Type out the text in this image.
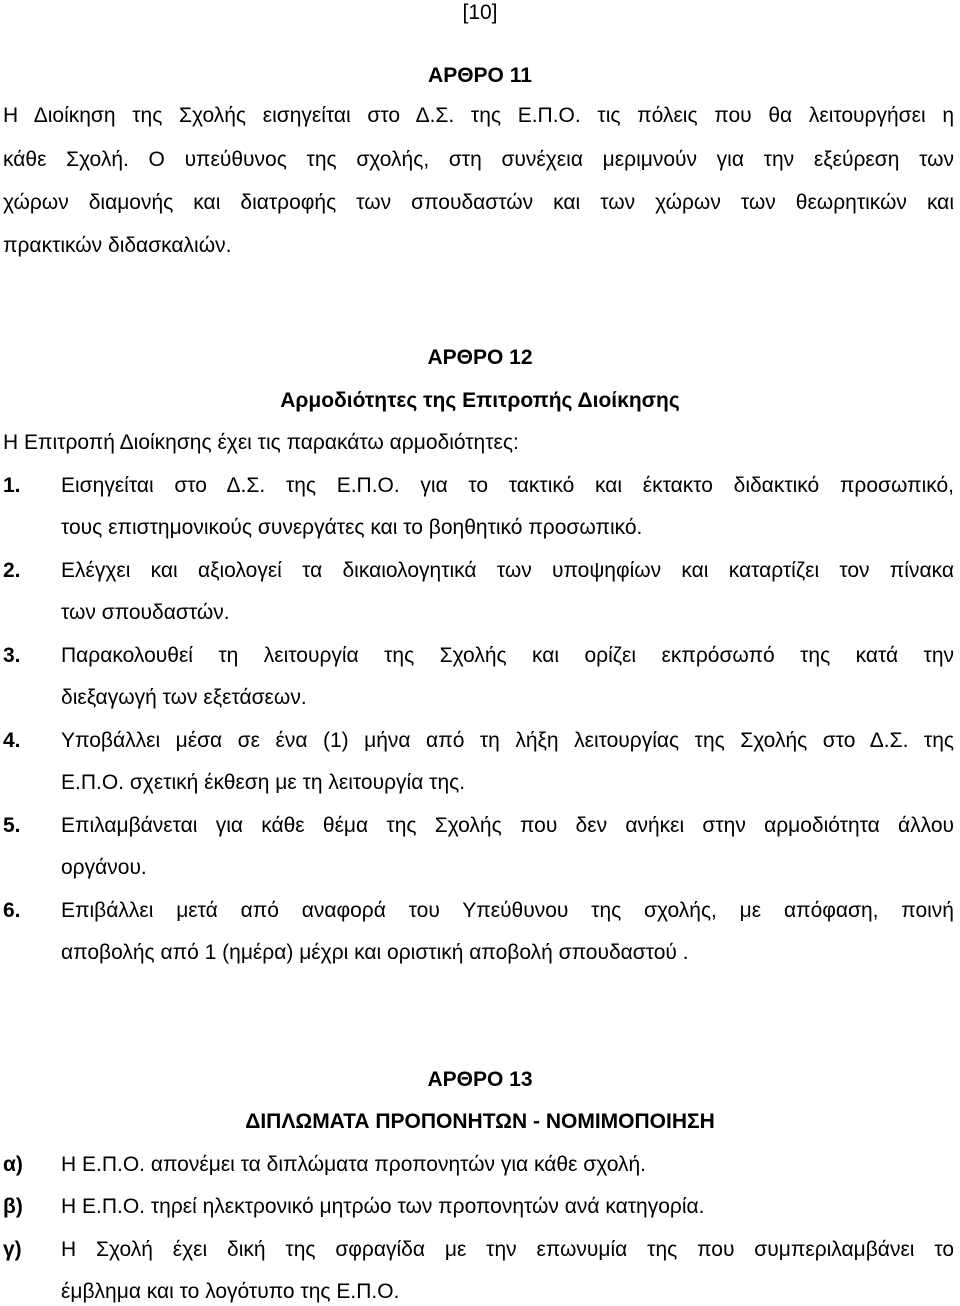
[10]
ΑΡΘΡΟ 11
Η Διοίκηση της Σχολής εισηγείται στο Δ.Σ. της Ε.Π.Ο. τις πόλεις που θα λειτουργήσει η
κάθε Σχολή. Ο υπεύθυνος της σχολής, στη συνέχεια μεριμνούν για την εξεύρεση των
χώρων διαμονής και διατροφής των σπουδαστών και των χώρων των θεωρητικών και
πρακτικών διδασκαλιών.
ΑΡΘΡΟ 12
Αρμοδιότητες της Επιτροπής Διοίκησης
Η Επιτροπή Διοίκησης έχει τις παρακάτω αρμοδιότητες:
1. Εισηγείται στο Δ.Σ. της Ε.Π.Ο. για το τακτικό και έκτακτο διδακτικό προσωπικό,
τους επιστημονικούς συνεργάτες και το βοηθητικό προσωπικό.
2. Ελέγχει και αξιολογεί τα δικαιολογητικά των υποψηφίων και καταρτίζει τον πίνακα
των σπουδαστών.
3. Παρακολουθεί τη λειτουργία της Σχολής και ορίζει εκπρόσωπό της κατά την
διεξαγωγή των εξετάσεων.
4. Υποβάλλει μέσα σε ένα (1) μήνα από τη λήξη λειτουργίας της Σχολής στο Δ.Σ. της
Ε.Π.Ο. σχετική έκθεση με τη λειτουργία της.
5. Επιλαμβάνεται για κάθε θέμα της Σχολής που δεν ανήκει στην αρμοδιότητα άλλου
οργάνου.
6. Επιβάλλει μετά από αναφορά του Υπεύθυνου της σχολής, με απόφαση, ποινή
αποβολής από 1 (ημέρα) μέχρι και οριστική αποβολή σπουδαστού .
ΑΡΘΡΟ 13
ΔΙΠΛΩΜΑΤΑ ΠΡΟΠΟΝΗΤΩΝ - ΝΟΜΙΜΟΠΟΙΗΣΗ
α) Η Ε.Π.Ο. απονέμει τα διπλώματα προπονητών για κάθε σχολή.
β) Η Ε.Π.Ο. τηρεί ηλεκτρονικό μητρώο των προπονητών ανά κατηγορία.
γ) Η Σχολή έχει δική της σφραγίδα με την επωνυμία της που συμπεριλαμβάνει το
έμβλημα και το λογότυπο της Ε.Π.Ο.
